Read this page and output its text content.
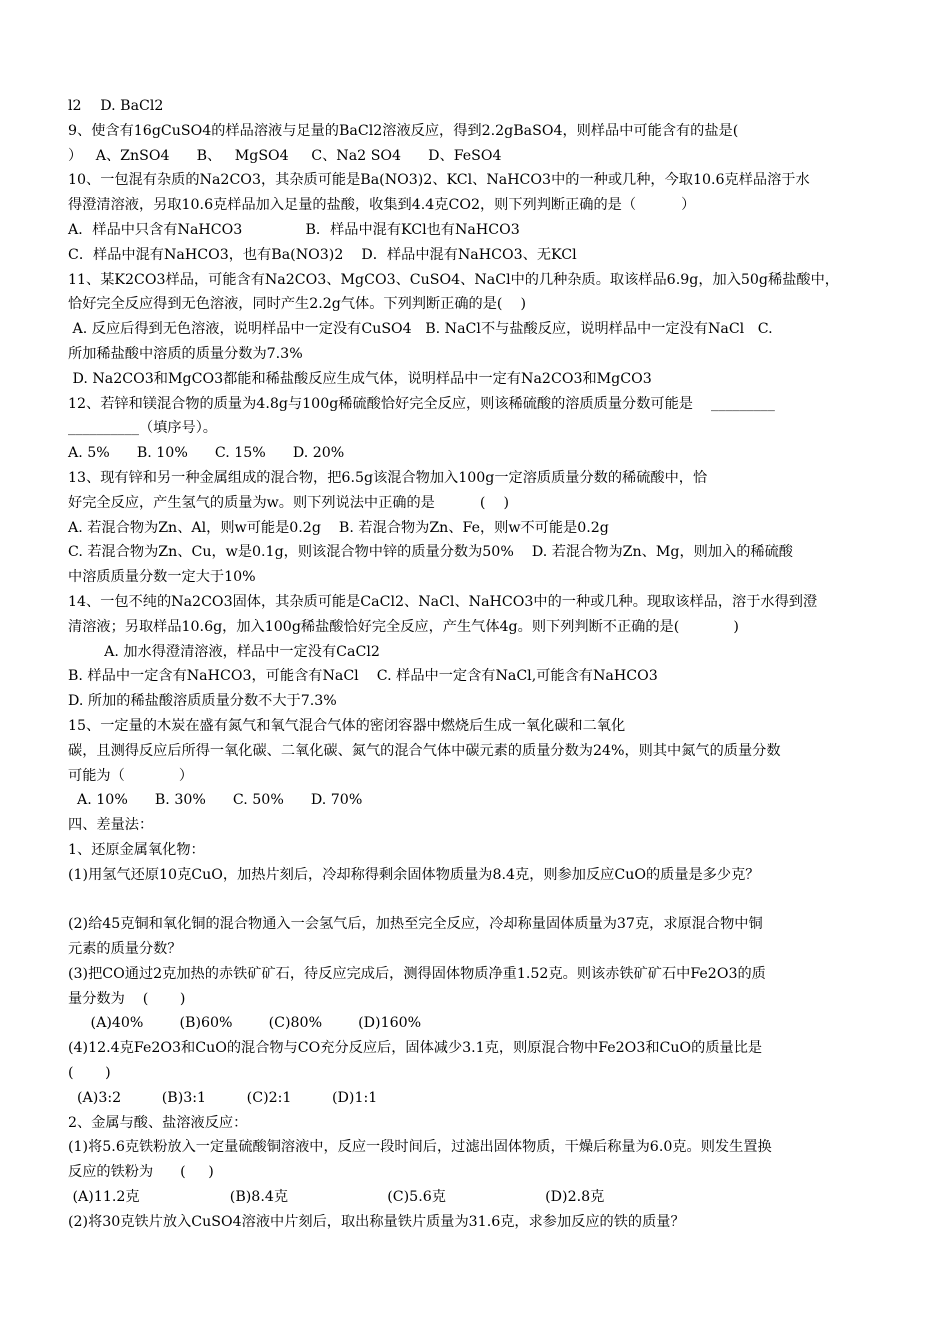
l2　 D. BaCl2
9、使含有16gCuSO4的样品溶液与足量的BaCl2溶液反应，得到2.2gBaSO4，则样品中可能含有的盐是(
）   A、ZnSO4      B、   MgSO4     C、Na2 SO4      D、FeSO4
10、一包混有杂质的Na2CO3，其杂质可能是Ba(NO3)2、KCl、NaHCO3中的一种或几种，今取10.6克样品溶于水
得澄清溶液，另取10.6克样品加入足量的盐酸，收集到4.4克CO2，则下列判断正确的是（          ）
A．样品中只含有NaHCO3              B．样品中混有KCl也有NaHCO3
C．样品中混有NaHCO3，也有Ba(NO3)2    D．样品中混有NaHCO3、无KCl
11、某K2CO3样品，可能含有Na2CO3、MgCO3、CuSO4、NaCl中的几种杂质。取该样品6.9g，加入50g稀盐酸中，
恰好完全反应得到无色溶液，同时产生2.2g气体。下列判断正确的是(    )
A. 反应后得到无色溶液，说明样品中一定没有CuSO4   B. NaCl不与盐酸反应，说明样品中一定没有NaCl   C.
所加稀盐酸中溶质的质量分数为7.3%
D. Na2CO3和MgCO3都能和稀盐酸反应生成气体，说明样品中一定有Na2CO3和MgCO3
12、若锌和镁混合物的质量为4.8g与100g稀硫酸恰好完全反应，则该稀硫酸的溶质质量分数可能是    _________
__________（填序号）。
A. 5%      B. 10%      C. 15%      D. 20%
13、现有锌和另一种金属组成的混合物，把6.5g该混合物加入100g一定溶质质量分数的稀硫酸中，恰
好完全反应，产生氢气的质量为w。则下列说法中正确的是          (    )
A. 若混合物为Zn、Al，则w可能是0.2g    B. 若混合物为Zn、Fe，则w不可能是0.2g
C. 若混合物为Zn、Cu，w是0.1g，则该混合物中锌的质量分数为50%    D. 若混合物为Zn、Mg，则加入的稀硫酸
中溶质质量分数一定大于10%
14、一包不纯的Na2CO3固体，其杂质可能是CaCl2、NaCl、NaHCO3中的一种或几种。现取该样品，溶于水得到澄
清溶液；另取样品10.6g，加入100g稀盐酸恰好完全反应，产生气体4g。则下列判断不正确的是(            )
A. 加水得澄清溶液，样品中一定没有CaCl2
B. 样品中一定含有NaHCO3，可能含有NaCl    C. 样品中一定含有NaCl,可能含有NaHCO3
D. 所加的稀盐酸溶质质量分数不大于7.3%
15、一定量的木炭在盛有氮气和氧气混合气体的密闭容器中燃烧后生成一氧化碳和二氧化
碳，且测得反应后所得一氧化碳、二氧化碳、氮气的混合气体中碳元素的质量分数为24%，则其中氮气的质量分数
可能为（            ）
A. 10%      B. 30%      C. 50%      D. 70%
四、差量法：
1、还原金属氧化物：
(1)用氢气还原10克CuO，加热片刻后，冷却称得剩余固体物质量为8.4克，则参加反应CuO的质量是多少克？
(2)给45克铜和氧化铜的混合物通入一会氢气后，加热至完全反应，冷却称量固体质量为37克，求原混合物中铜
元素的质量分数？
(3)把CO通过2克加热的赤铁矿矿石，待反应完成后，测得固体物质净重1.52克。则该赤铁矿矿石中Fe2O3的质
量分数为    (       )
(A)40%        (B)60%        (C)80%        (D)160%
(4)12.4克Fe2O3和CuO的混合物与CO充分反应后，固体减少3.1克，则原混合物中Fe2O3和CuO的质量比是
(       )
(A)3:2         (B)3:1         (C)2:1         (D)1:1
2、金属与酸、盐溶液反应：
(1)将5.6克铁粉放入一定量硫酸铜溶液中，反应一段时间后，过滤出固体物质，干燥后称量为6.0克。则发生置换
反应的铁粉为      (     )
(A)11.2克                    (B)8.4克                      (C)5.6克                      (D)2.8克
(2)将30克铁片放入CuSO4溶液中片刻后，取出称量铁片质量为31.6克，求参加反应的铁的质量？
